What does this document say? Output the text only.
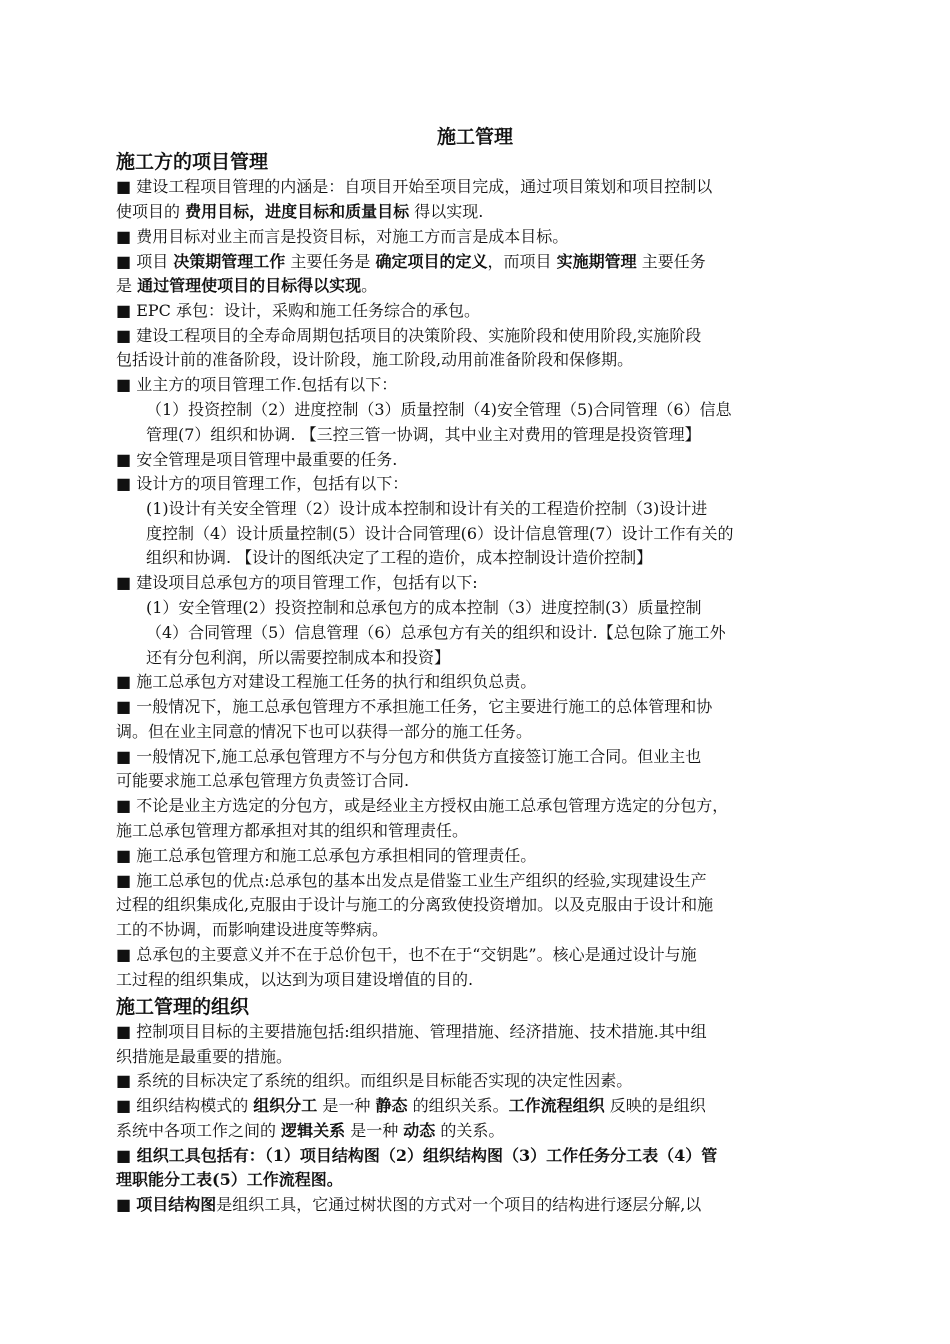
施工管理
施工方的项目管理

■ 建设工程项目管理的内涵是：自项目开始至项目完成，通过项目策划和项目控制以

使项目的 费用目标，进度目标和质量目标 得以实现.

■ 费用目标对业主而言是投资目标，对施工方而言是成本目标。

■ 项目 决策期管理工作 主要任务是 确定项目的定义，而项目 实施期管理 主要任务

是 通过管理使项目的目标得以实现。

■ EPC 承包：设计，采购和施工任务综合的承包。

■ 建设工程项目的全寿命周期包括项目的决策阶段、实施阶段和使用阶段,实施阶段

包括设计前的准备阶段，设计阶段，施工阶段,动用前准备阶段和保修期。

■ 业主方的项目管理工作.包括有以下：

（1）投资控制（2）进度控制（3）质量控制（4)安全管理（5)合同管理（6）信息

管理(7）组织和协调. 【三控三管一协调，其中业主对费用的管理是投资管理】

■ 安全管理是项目管理中最重要的任务.

■ 设计方的项目管理工作，包括有以下：

(1)设计有关安全管理（2）设计成本控制和设计有关的工程造价控制（3)设计进

度控制（4）设计质量控制(5）设计合同管理(6）设计信息管理(7）设计工作有关的

组织和协调. 【设计的图纸决定了工程的造价，成本控制设计造价控制】

■ 建设项目总承包方的项目管理工作，包括有以下:

(1）安全管理(2）投资控制和总承包方的成本控制（3）进度控制(3）质量控制

（4）合同管理（5）信息管理（6）总承包方有关的组织和设计.【总包除了施工外

还有分包利润，所以需要控制成本和投资】

■ 施工总承包方对建设工程施工任务的执行和组织负总责。

■ 一般情况下，施工总承包管理方不承担施工任务，它主要进行施工的总体管理和协

调。但在业主同意的情况下也可以获得一部分的施工任务。

■ 一般情况下,施工总承包管理方不与分包方和供货方直接签订施工合同。但业主也

可能要求施工总承包管理方负责签订合同.

■ 不论是业主方选定的分包方，或是经业主方授权由施工总承包管理方选定的分包方，

施工总承包管理方都承担对其的组织和管理责任。

■ 施工总承包管理方和施工总承包方承担相同的管理责任。

■ 施工总承包的优点:总承包的基本出发点是借鉴工业生产组织的经验,实现建设生产

过程的组织集成化,克服由于设计与施工的分离致使投资增加。以及克服由于设计和施

工的不协调，而影响建设进度等弊病。

■ 总承包的主要意义并不在于总价包干，也不在于“交钥匙”。核心是通过设计与施

工过程的组织集成，以达到为项目建设增值的目的.

施工管理的组织

■ 控制项目目标的主要措施包括:组织措施、管理措施、经济措施、技术措施.其中组

织措施是最重要的措施。

■ 系统的目标决定了系统的组织。而组织是目标能否实现的决定性因素。

■ 组织结构模式的 组织分工 是一种 静态 的组织关系。工作流程组织 反映的是组织

系统中各项工作之间的 逻辑关系 是一种 动态 的关系。

■ 组织工具包括有：（1）项目结构图（2）组织结构图（3）工作任务分工表（4）管

理职能分工表(5）工作流程图。

■ 项目结构图是组织工具，它通过树状图的方式对一个项目的结构进行逐层分解,以
